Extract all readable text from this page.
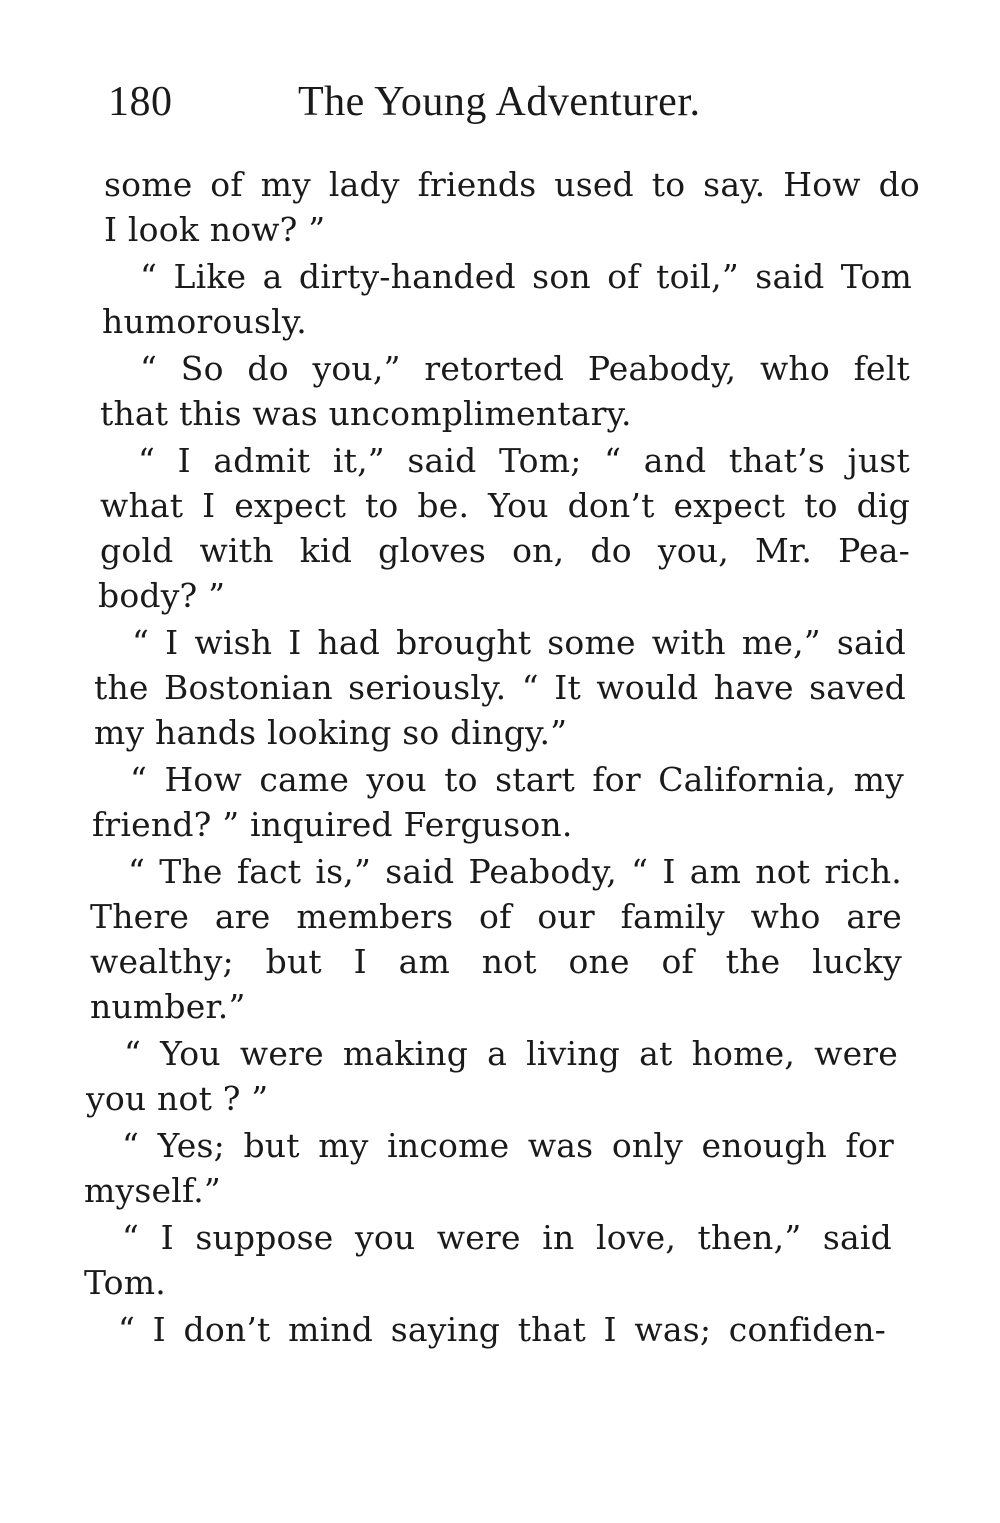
180	The Young Adventurer.
some of my lady friends used to say. How do
I look now? ”
“ Like a dirty-handed son of toil,” said Tom
humorously.
“ So do you,” retorted Peabody, who felt
that this was uncomplimentary.
“ I admit it,” said Tom; “ and that’s just
what I expect to be. You don’t expect to dig
gold with kid gloves on, do you, Mr. Pea-
body? ”
“ I wish I had brought some with me,” said
the Bostonian seriously. “ It would have saved
my hands looking so dingy.”
“ How came you to start for California, my
friend? ” inquired Ferguson.
“ The fact is,” said Peabody, “ I am not rich.
There are members of our family who are
wealthy; but I am not one of the lucky
number.”
“ You were making a living at home, were
you not ? ”
“ Yes; but my income was only enough for
myself.”
“ I suppose you were in love, then,” said
Tom.
“ I don’t mind saying that I was; confiden-
